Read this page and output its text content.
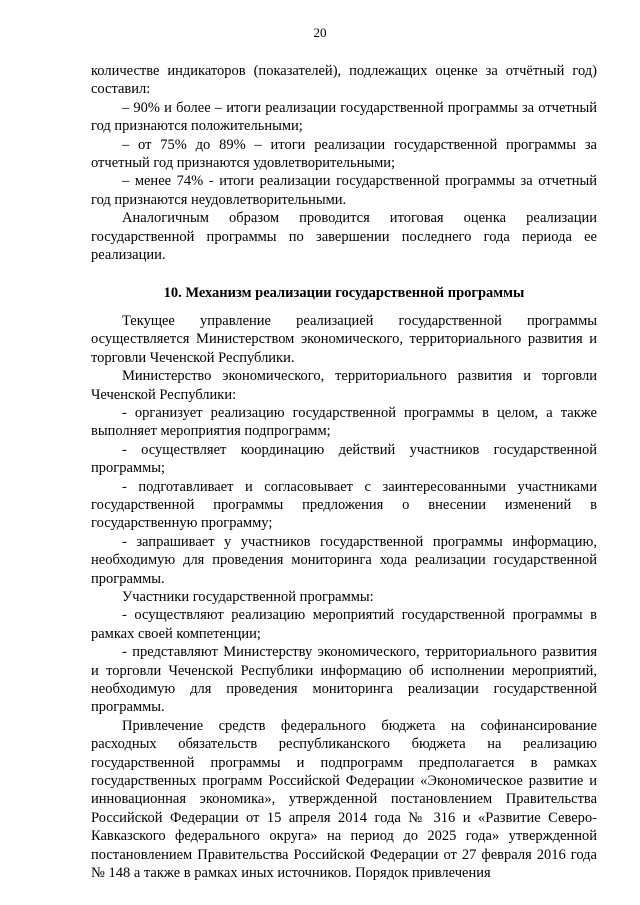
20

количестве индикаторов (показателей), подлежащих оценке за отчётный год) составил:

– 90% и более – итоги реализации государственной программы за отчетный год признаются положительными;

– от 75% до 89% – итоги реализации государственной программы за отчетный год признаются удовлетворительными;

– менее 74% - итоги реализации государственной программы за отчетный год признаются неудовлетворительными.

Аналогичным образом проводится итоговая оценка реализации государственной программы по завершении последнего года периода ее реализации.

10. Механизм реализации государственной программы

Текущее управление реализацией государственной программы осуществляется Министерством экономического, территориального развития и торговли Чеченской Республики.

Министерство экономического, территориального развития и торговли Чеченской Республики:

- организует реализацию государственной программы в целом, а также выполняет мероприятия подпрограмм;

- осуществляет координацию действий участников государственной программы;

- подготавливает и согласовывает с заинтересованными участниками государственной программы предложения о внесении изменений в государственную программу;

- запрашивает у участников государственной программы информацию, необходимую для проведения мониторинга хода реализации государственной программы.

Участники государственной программы:

- осуществляют реализацию мероприятий государственной программы в рамках своей компетенции;

- представляют Министерству экономического, территориального развития и торговли Чеченской Республики информацию об исполнении мероприятий, необходимую для проведения мониторинга реализации государственной программы.

Привлечение средств федерального бюджета на софинансирование расходных обязательств республиканского бюджета на реализацию государственной программы и подпрограмм предполагается в рамках государственных программ Российской Федерации «Экономическое развитие и инновационная экономика», утвержденной постановлением Правительства Российской Федерации от 15 апреля 2014 года № 316 и «Развитие Северо-Кавказского федерального округа» на период до 2025 года» утвержденной постановлением Правительства Российской Федерации от 27 февраля 2016 года № 148 а также в рамках иных источников. Порядок привлечения
